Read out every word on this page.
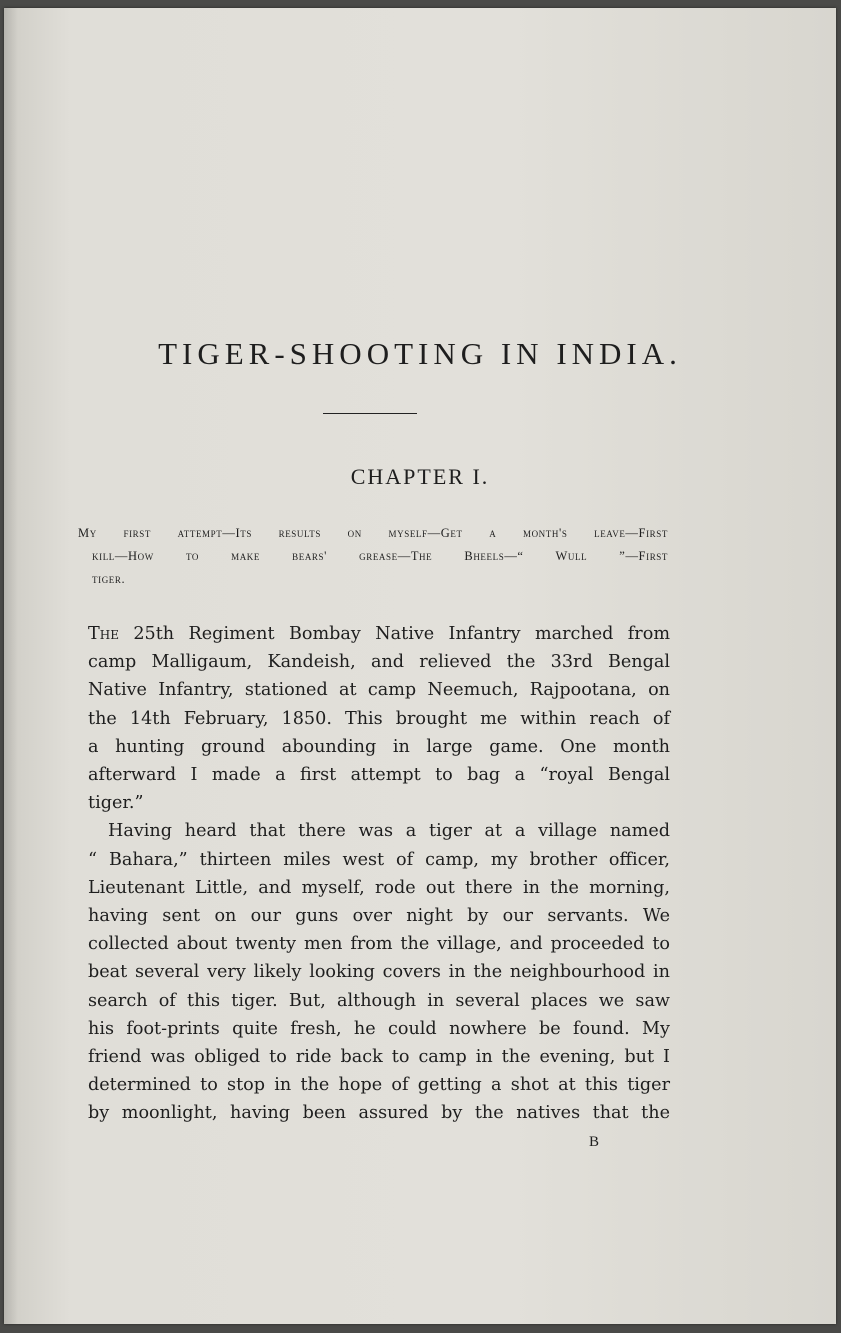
TIGER-SHOOTING IN INDIA.
CHAPTER I.
My first attempt—Its results on myself—Get a month's leave—First
kill—How to make bears' grease—The Bheels—“ Wull ”—First
tiger.
The 25th Regiment Bombay Native Infantry marched from
camp Malligaum, Kandeish, and relieved the 33rd Bengal
Native Infantry, stationed at camp Neemuch, Rajpootana, on
the 14th February, 1850. This brought me within reach of
a hunting ground abounding in large game. One month
afterward I made a first attempt to bag a “royal Bengal
tiger.”
Having heard that there was a tiger at a village named
“ Bahara,” thirteen miles west of camp, my brother officer,
Lieutenant Little, and myself, rode out there in the morning,
having sent on our guns over night by our servants. We
collected about twenty men from the village, and proceeded to
beat several very likely looking covers in the neighbourhood in
search of this tiger. But, although in several places we saw
his foot-prints quite fresh, he could nowhere be found. My
friend was obliged to ride back to camp in the evening, but I
determined to stop in the hope of getting a shot at this tiger
by moonlight, having been assured by the natives that the
B
